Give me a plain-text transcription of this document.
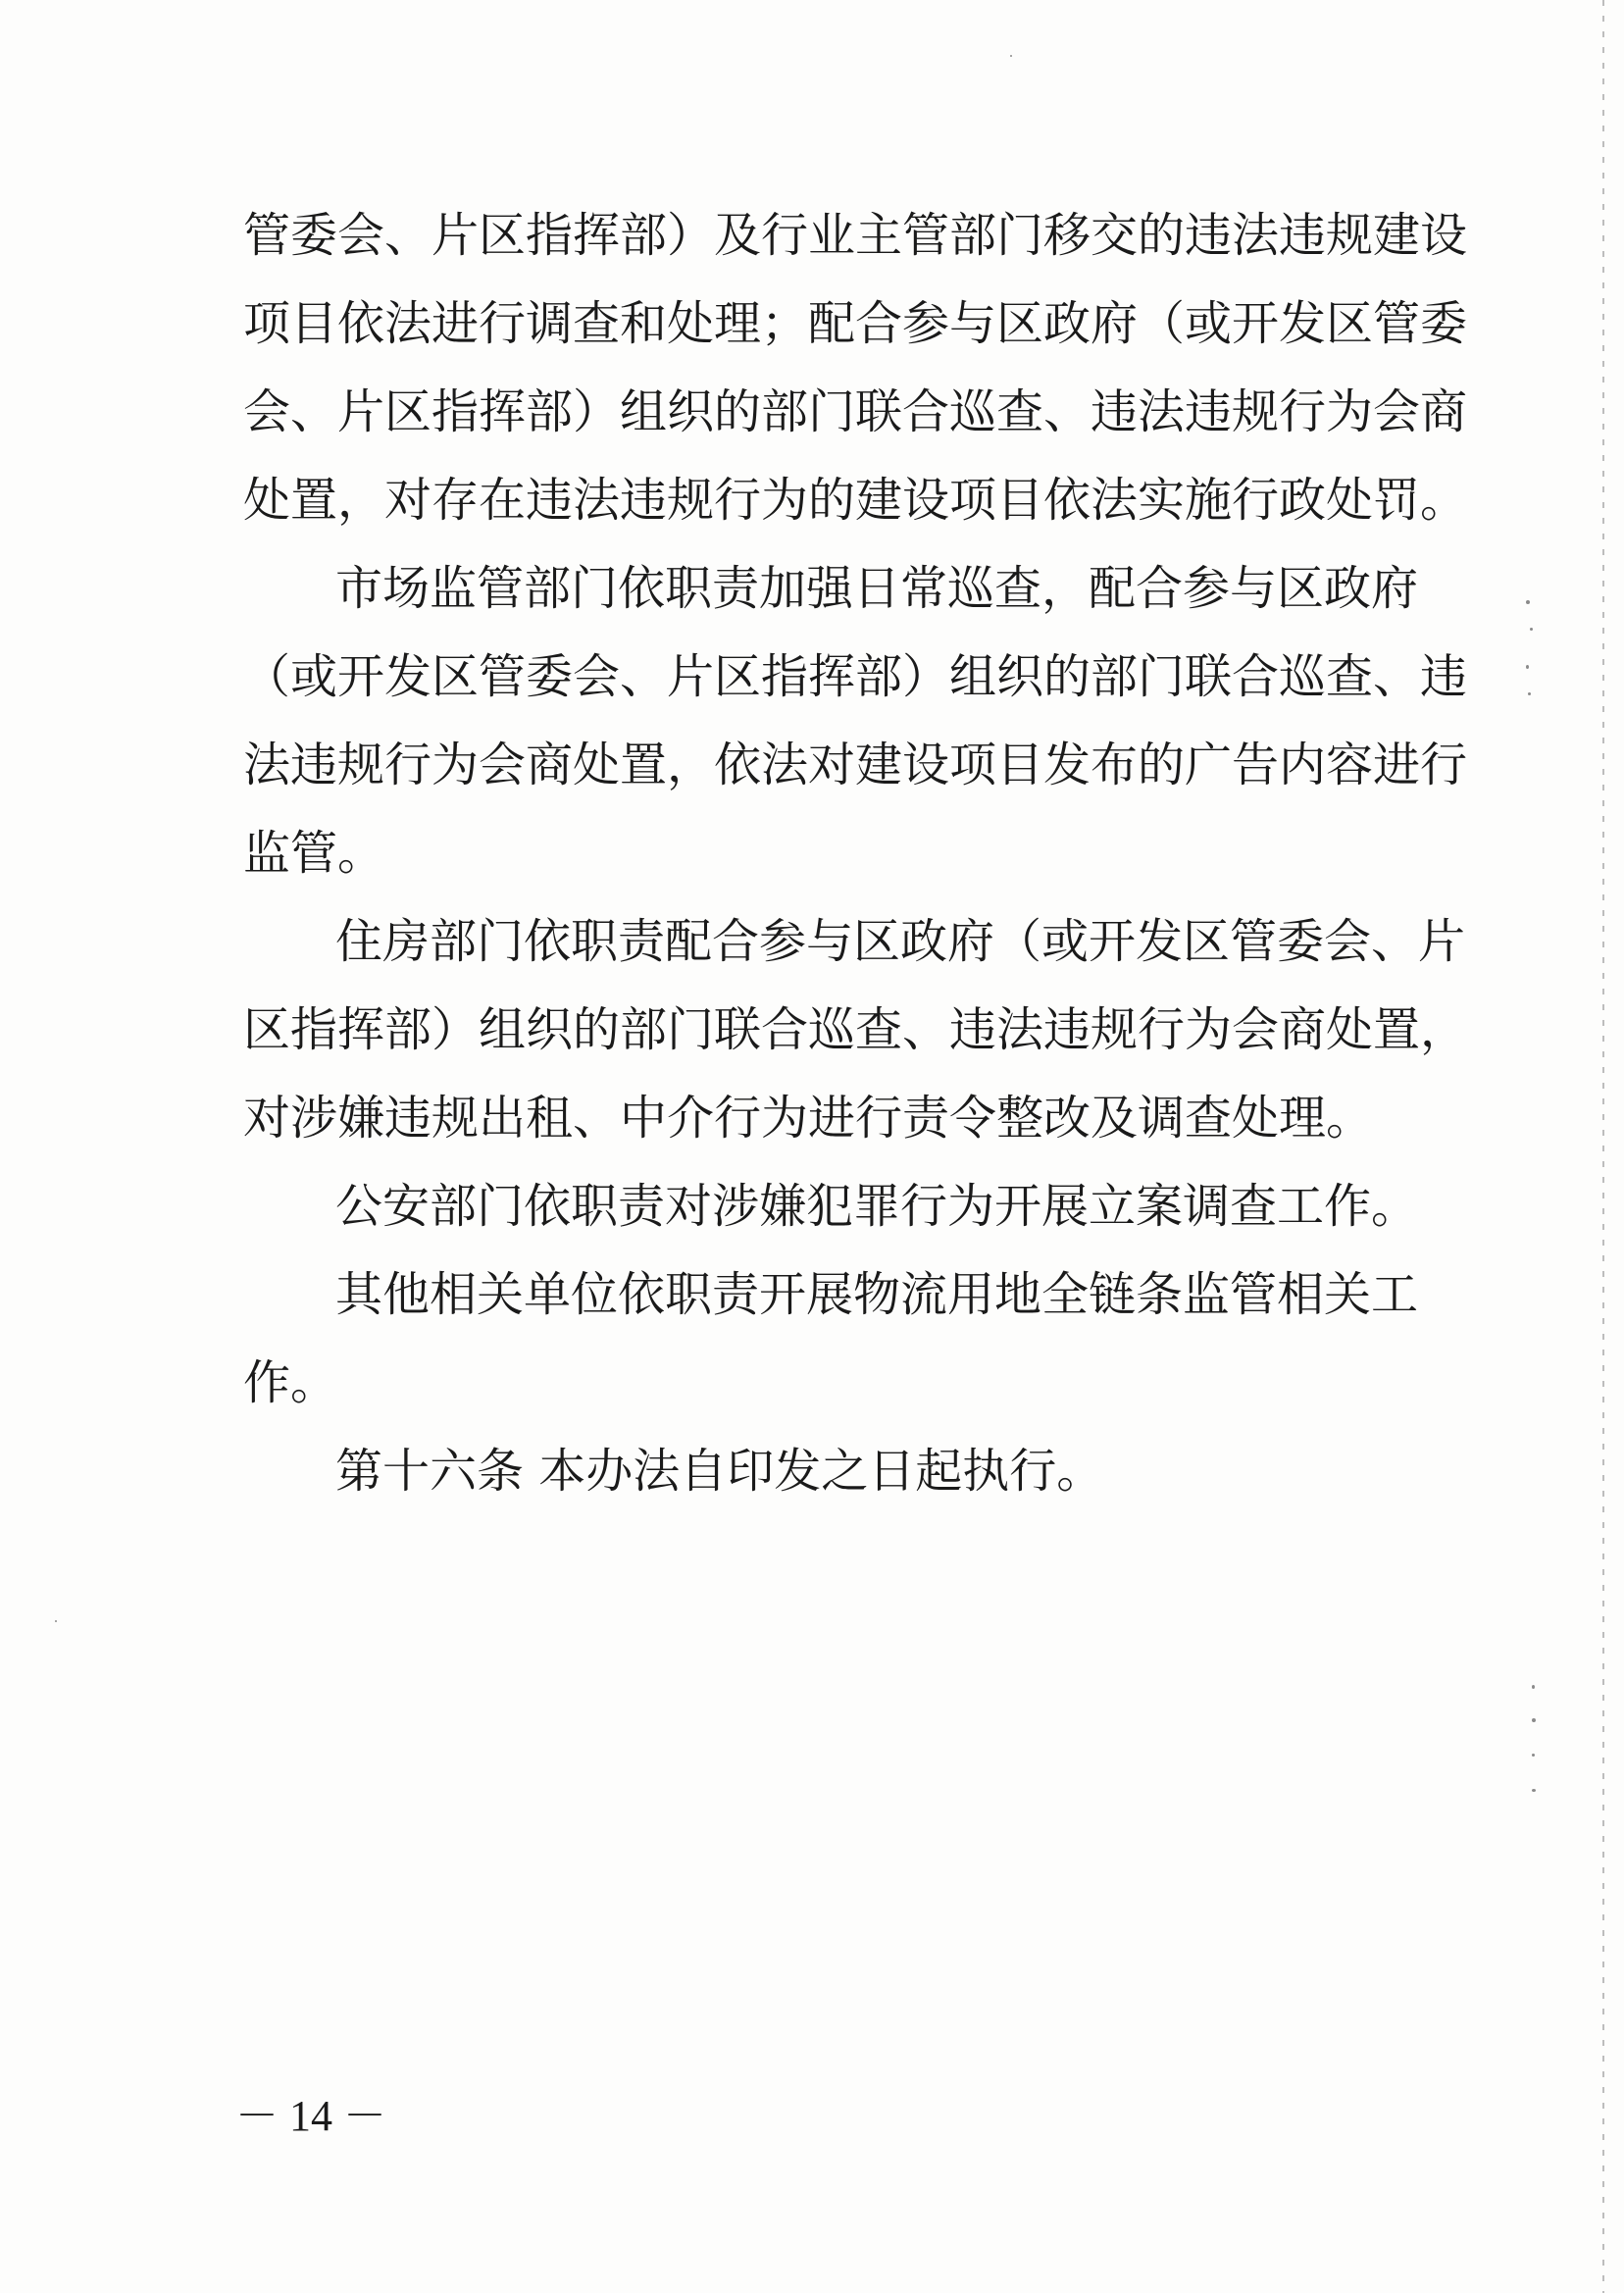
管委会、片区指挥部）及行业主管部门移交的违法违规建设
项目依法进行调查和处理；配合参与区政府（或开发区管委
会、片区指挥部）组织的部门联合巡查、违法违规行为会商
处置，对存在违法违规行为的建设项目依法实施行政处罚。
市场监管部门依职责加强日常巡查，配合参与区政府
（或开发区管委会、片区指挥部）组织的部门联合巡查、违
法违规行为会商处置，依法对建设项目发布的广告内容进行
监管。
住房部门依职责配合参与区政府（或开发区管委会、片
区指挥部）组织的部门联合巡查、违法违规行为会商处置，
对涉嫌违规出租、中介行为进行责令整改及调查处理。
公安部门依职责对涉嫌犯罪行为开展立案调查工作。
其他相关单位依职责开展物流用地全链条监管相关工
作。
第十六条 本办法自印发之日起执行。
－ 14 －
